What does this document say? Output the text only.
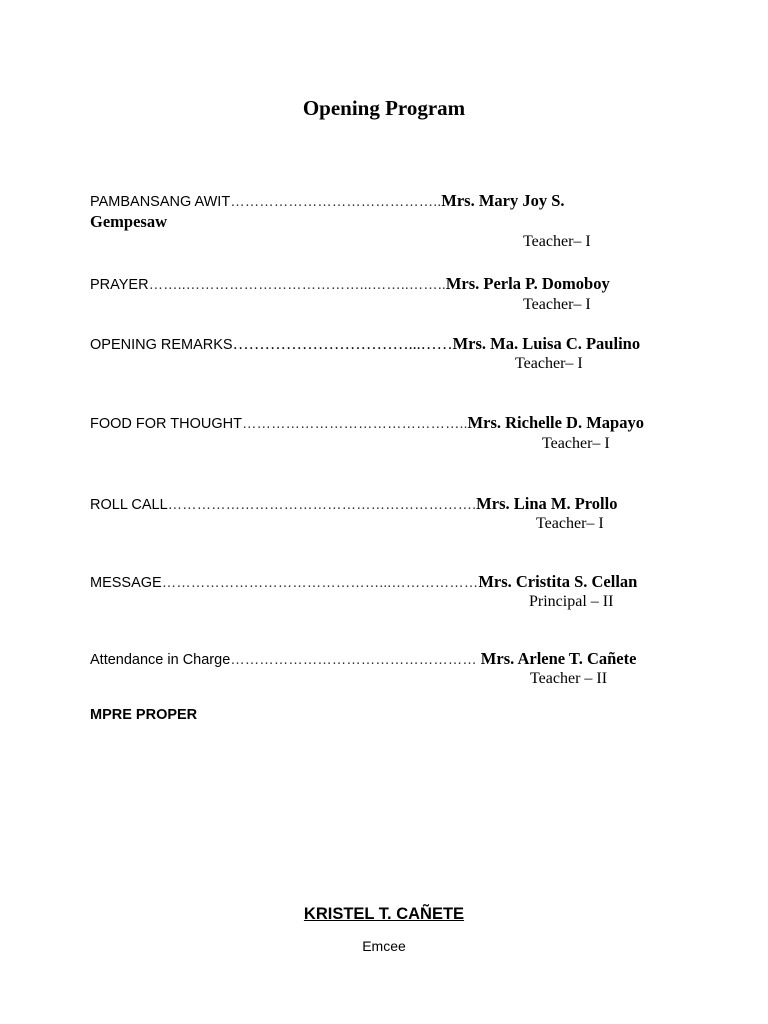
Opening Program
PAMBANSANG AWIT……………………………………..Mrs. Mary Joy S.
Gempesaw
Teacher– I
PRAYER……..………………………………...……..……..Mrs. Perla P. Domoboy
Teacher– I
OPENING REMARKS……………………………...……Mrs. Ma. Luisa C. Paulino
Teacher– I
FOOD FOR THOUGHT………………………………………..Mrs. Richelle D. Mapayo
Teacher– I
ROLL CALL……………………………………………………….Mrs. Lina M. Prollo
Teacher– I
MESSAGE………………………………………...………………Mrs. Cristita S. Cellan
Principal – II
Attendance in Charge…………………………………………… Mrs. Arlene T. Cañete
Teacher – II
MPRE PROPER
KRISTEL T. CAÑETE
Emcee
